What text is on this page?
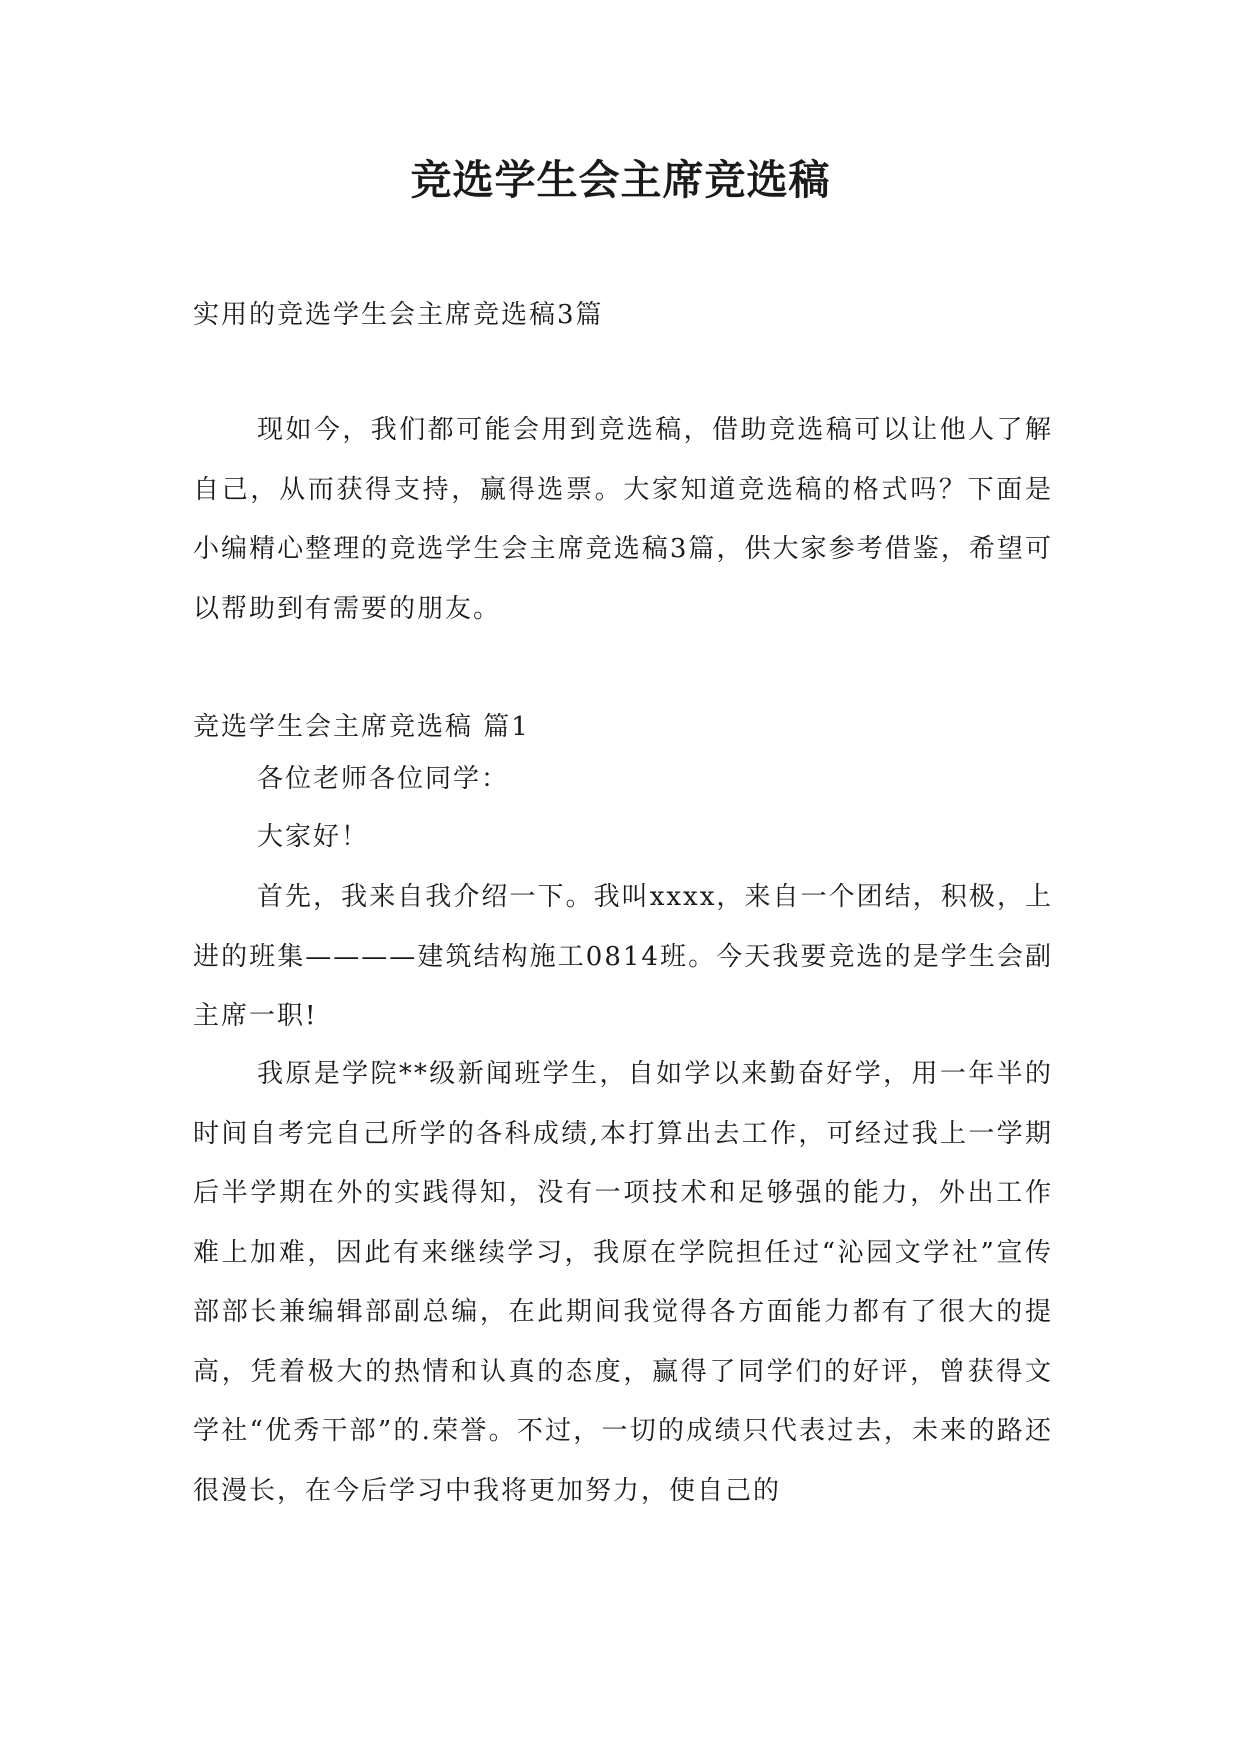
竞选学生会主席竞选稿

实用的竞选学生会主席竞选稿3篇

现如今，我们都可能会用到竞选稿，借助竞选稿可以让他人了解自己，从而获得支持，赢得选票。大家知道竞选稿的格式吗？下面是小编精心整理的竞选学生会主席竞选稿3篇，供大家参考借鉴，希望可以帮助到有需要的朋友。

竞选学生会主席竞选稿 篇1

各位老师各位同学：

大家好！

首先，我来自我介绍一下。我叫xxxx，来自一个团结，积极，上进的班集————建筑结构施工0814班。今天我要竞选的是学生会副主席一职!

我原是学院**级新闻班学生，自如学以来勤奋好学，用一年半的时间自考完自己所学的各科成绩,本打算出去工作，可经过我上一学期后半学期在外的实践得知，没有一项技术和足够强的能力，外出工作难上加难，因此有来继续学习，我原在学院担任过“沁园文学社”宣传部部长兼编辑部副总编，在此期间我觉得各方面能力都有了很大的提高，凭着极大的热情和认真的态度，赢得了同学们的好评，曾获得文学社“优秀干部”的.荣誉。不过，一切的成绩只代表过去，未来的路还很漫长，在今后学习中我将更加努力，使自己的
